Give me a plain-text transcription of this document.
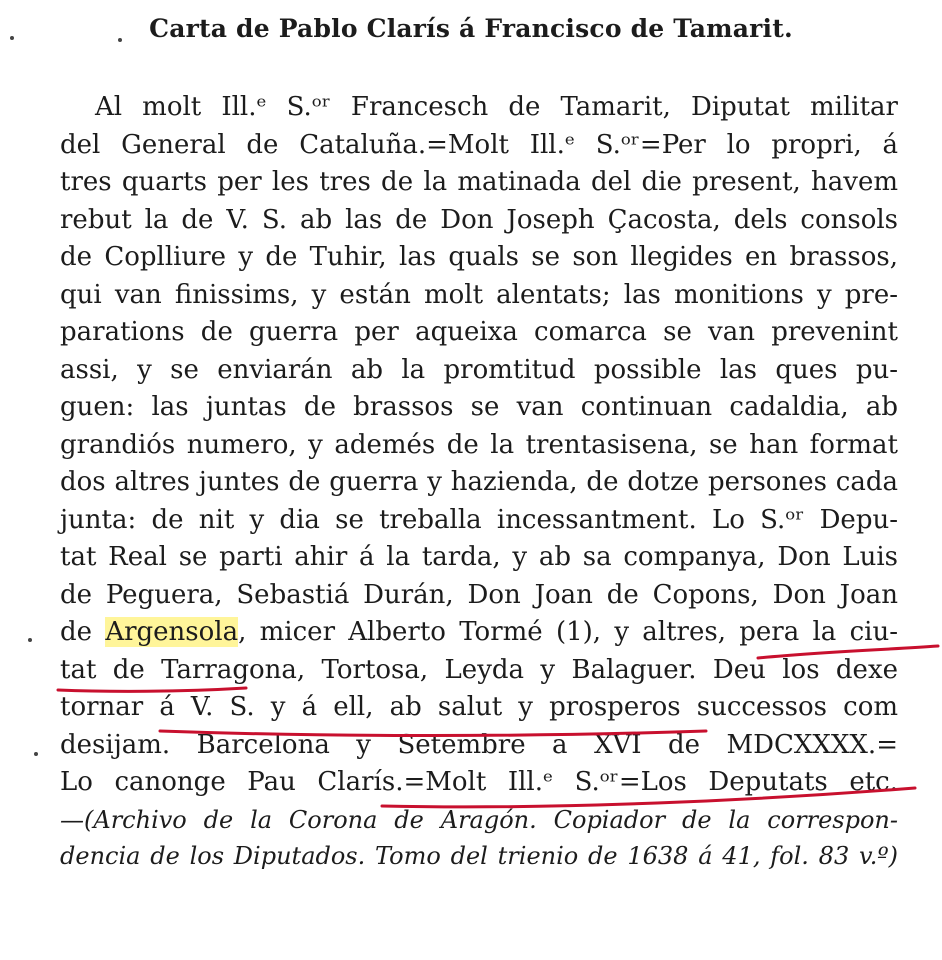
Carta de Pablo Clarís á Francisco de Tamarit.
Al molt Ill.ᵉ S.ᵒʳ Francesch de Tamarit, Diputat militar
del General de Cataluña.=Molt Ill.ᵉ S.ᵒʳ=Per lo propri, á
tres quarts per les tres de la matinada del die present, havem
rebut la de V. S. ab las de Don Joseph Çacosta, dels consols
de Coplliure y de Tuhir, las quals se son llegides en brassos,
qui van finissims, y están molt alentats; las monitions y pre-
parations de guerra per aqueixa comarca se van prevenint
assi, y se enviarán ab la promtitud possible las ques pu-
guen: las juntas de brassos se van continuan cadaldia, ab
grandiós numero, y ademés de la trentasisena, se han format
dos altres juntes de guerra y hazienda, de dotze persones cada
junta: de nit y dia se treballa incessantment. Lo S.ᵒʳ Depu-
tat Real se parti ahir á la tarda, y ab sa companya, Don Luis
de Peguera, Sebastiá Durán, Don Joan de Copons, Don Joan
de Argensola, micer Alberto Tormé (1), y altres, pera la ciu-
tat de Tarragona, Tortosa, Leyda y Balaguer. Deu los dexe
tornar á V. S. y á ell, ab salut y prosperos successos com
desijam. Barcelona y Setembre a XVI de MDCXXXX.=
Lo canonge Pau Clarís.=Molt Ill.ᵉ S.ᵒʳ=Los Deputats etc.
—(Archivo de la Corona de Aragón. Copiador de la correspon-
dencia de los Diputados. Tomo del trienio de 1638 á 41, fol. 83 v.º)
